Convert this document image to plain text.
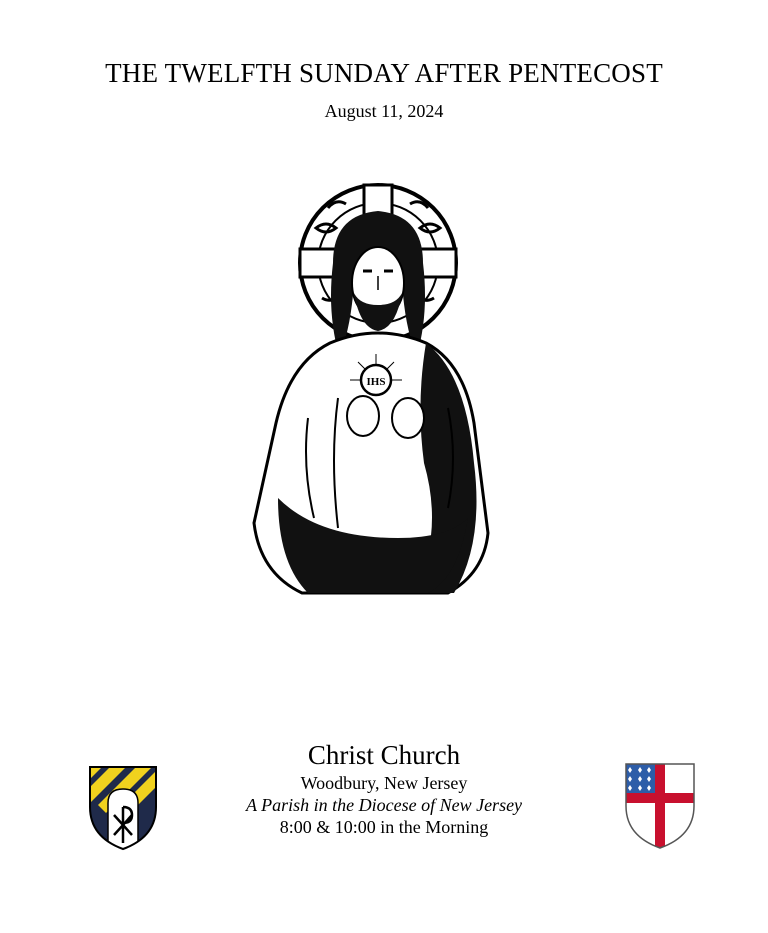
THE TWELFTH SUNDAY AFTER PENTECOST
August 11, 2024
IHS
Christ Church
Woodbury, New Jersey
A Parish in the Diocese of New Jersey
8:00 & 10:00 in the Morning
